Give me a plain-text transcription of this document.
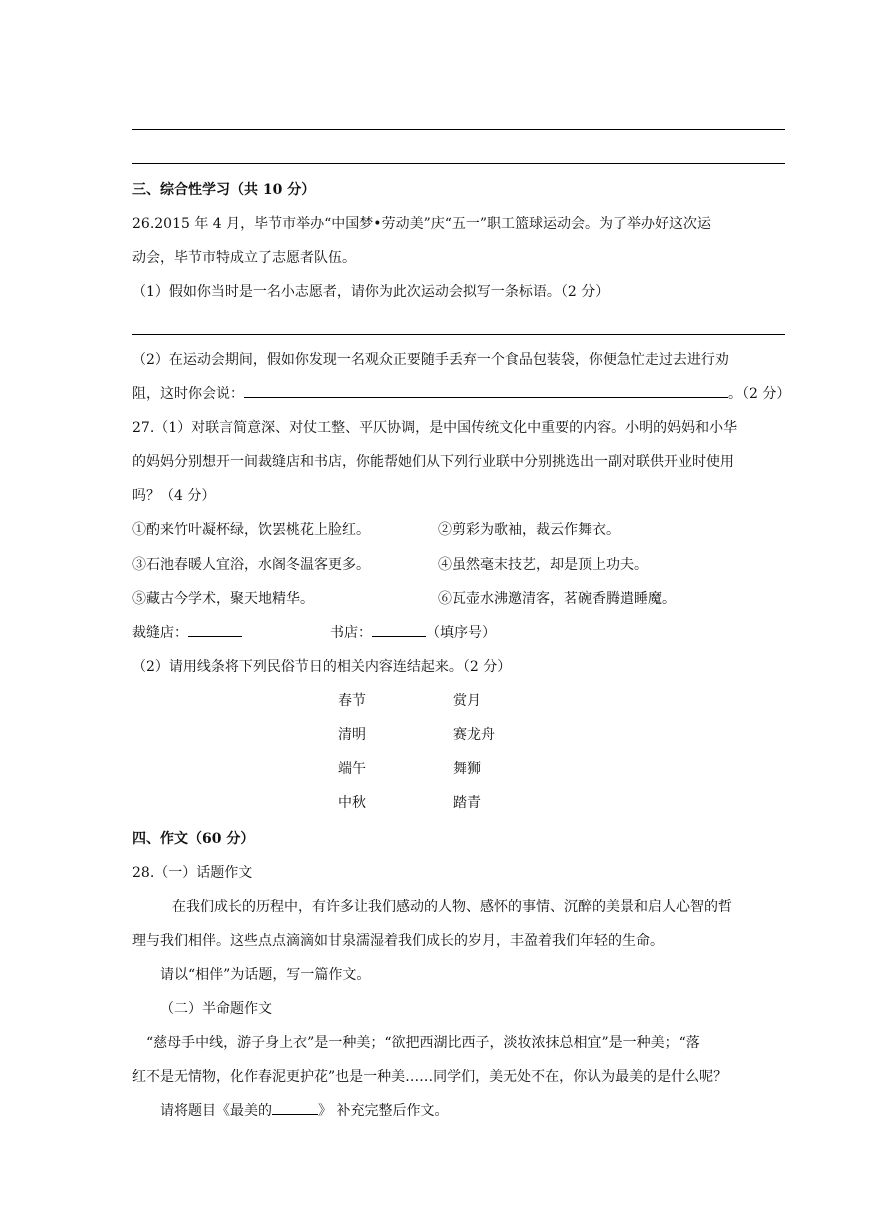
三、综合性学习（共 10 分）
26.2015 年 4 月，毕节市举办“中国梦•劳动美”庆“五一”职工篮球运动会。为了举办好这次运
动会，毕节市特成立了志愿者队伍。
（1）假如你当时是一名小志愿者，请你为此次运动会拟写一条标语。（2 分）
（2）在运动会期间，假如你发现一名观众正要随手丢弃一个食品包装袋，你便急忙走过去进行劝
阻，这时你会说：	。（2 分）
27.（1）对联言简意深、对仗工整、平仄协调，是中国传统文化中重要的内容。小明的妈妈和小华
的妈妈分别想开一间裁缝店和书店，你能帮她们从下列行业联中分别挑选出一副对联供开业时使用
吗？（4 分）
①酌来竹叶凝杯绿，饮罢桃花上脸红。	②剪彩为歌袖，裁云作舞衣。
③石池春暖人宜浴，水阁冬温客更多。	④虽然毫末技艺，却是顶上功夫。
⑤藏古今学术，聚天地精华。	⑥瓦壶水沸邀清客，茗碗香腾遣睡魔。
裁缝店：	书店：	（填序号）
（2）请用线条将下列民俗节日的相关内容连结起来。（2 分）
春节	赏月
清明	赛龙舟
端午	舞狮
中秋	踏青
四、作文（60 分）
28.（一）话题作文
在我们成长的历程中，有许多让我们感动的人物、感怀的事情、沉醉的美景和启人心智的哲
理与我们相伴。这些点点滴滴如甘泉濡湿着我们成长的岁月，丰盈着我们年轻的生命。
请以“相伴”为话题，写一篇作文。
（二）半命题作文
“慈母手中线，游子身上衣”是一种美；“欲把西湖比西子，淡妆浓抹总相宜”是一种美；“落
红不是无情物，化作春泥更护花”也是一种美……同学们，美无处不在，你认为最美的是什么呢？
请将题目《最美的	》 补充完整后作文。
